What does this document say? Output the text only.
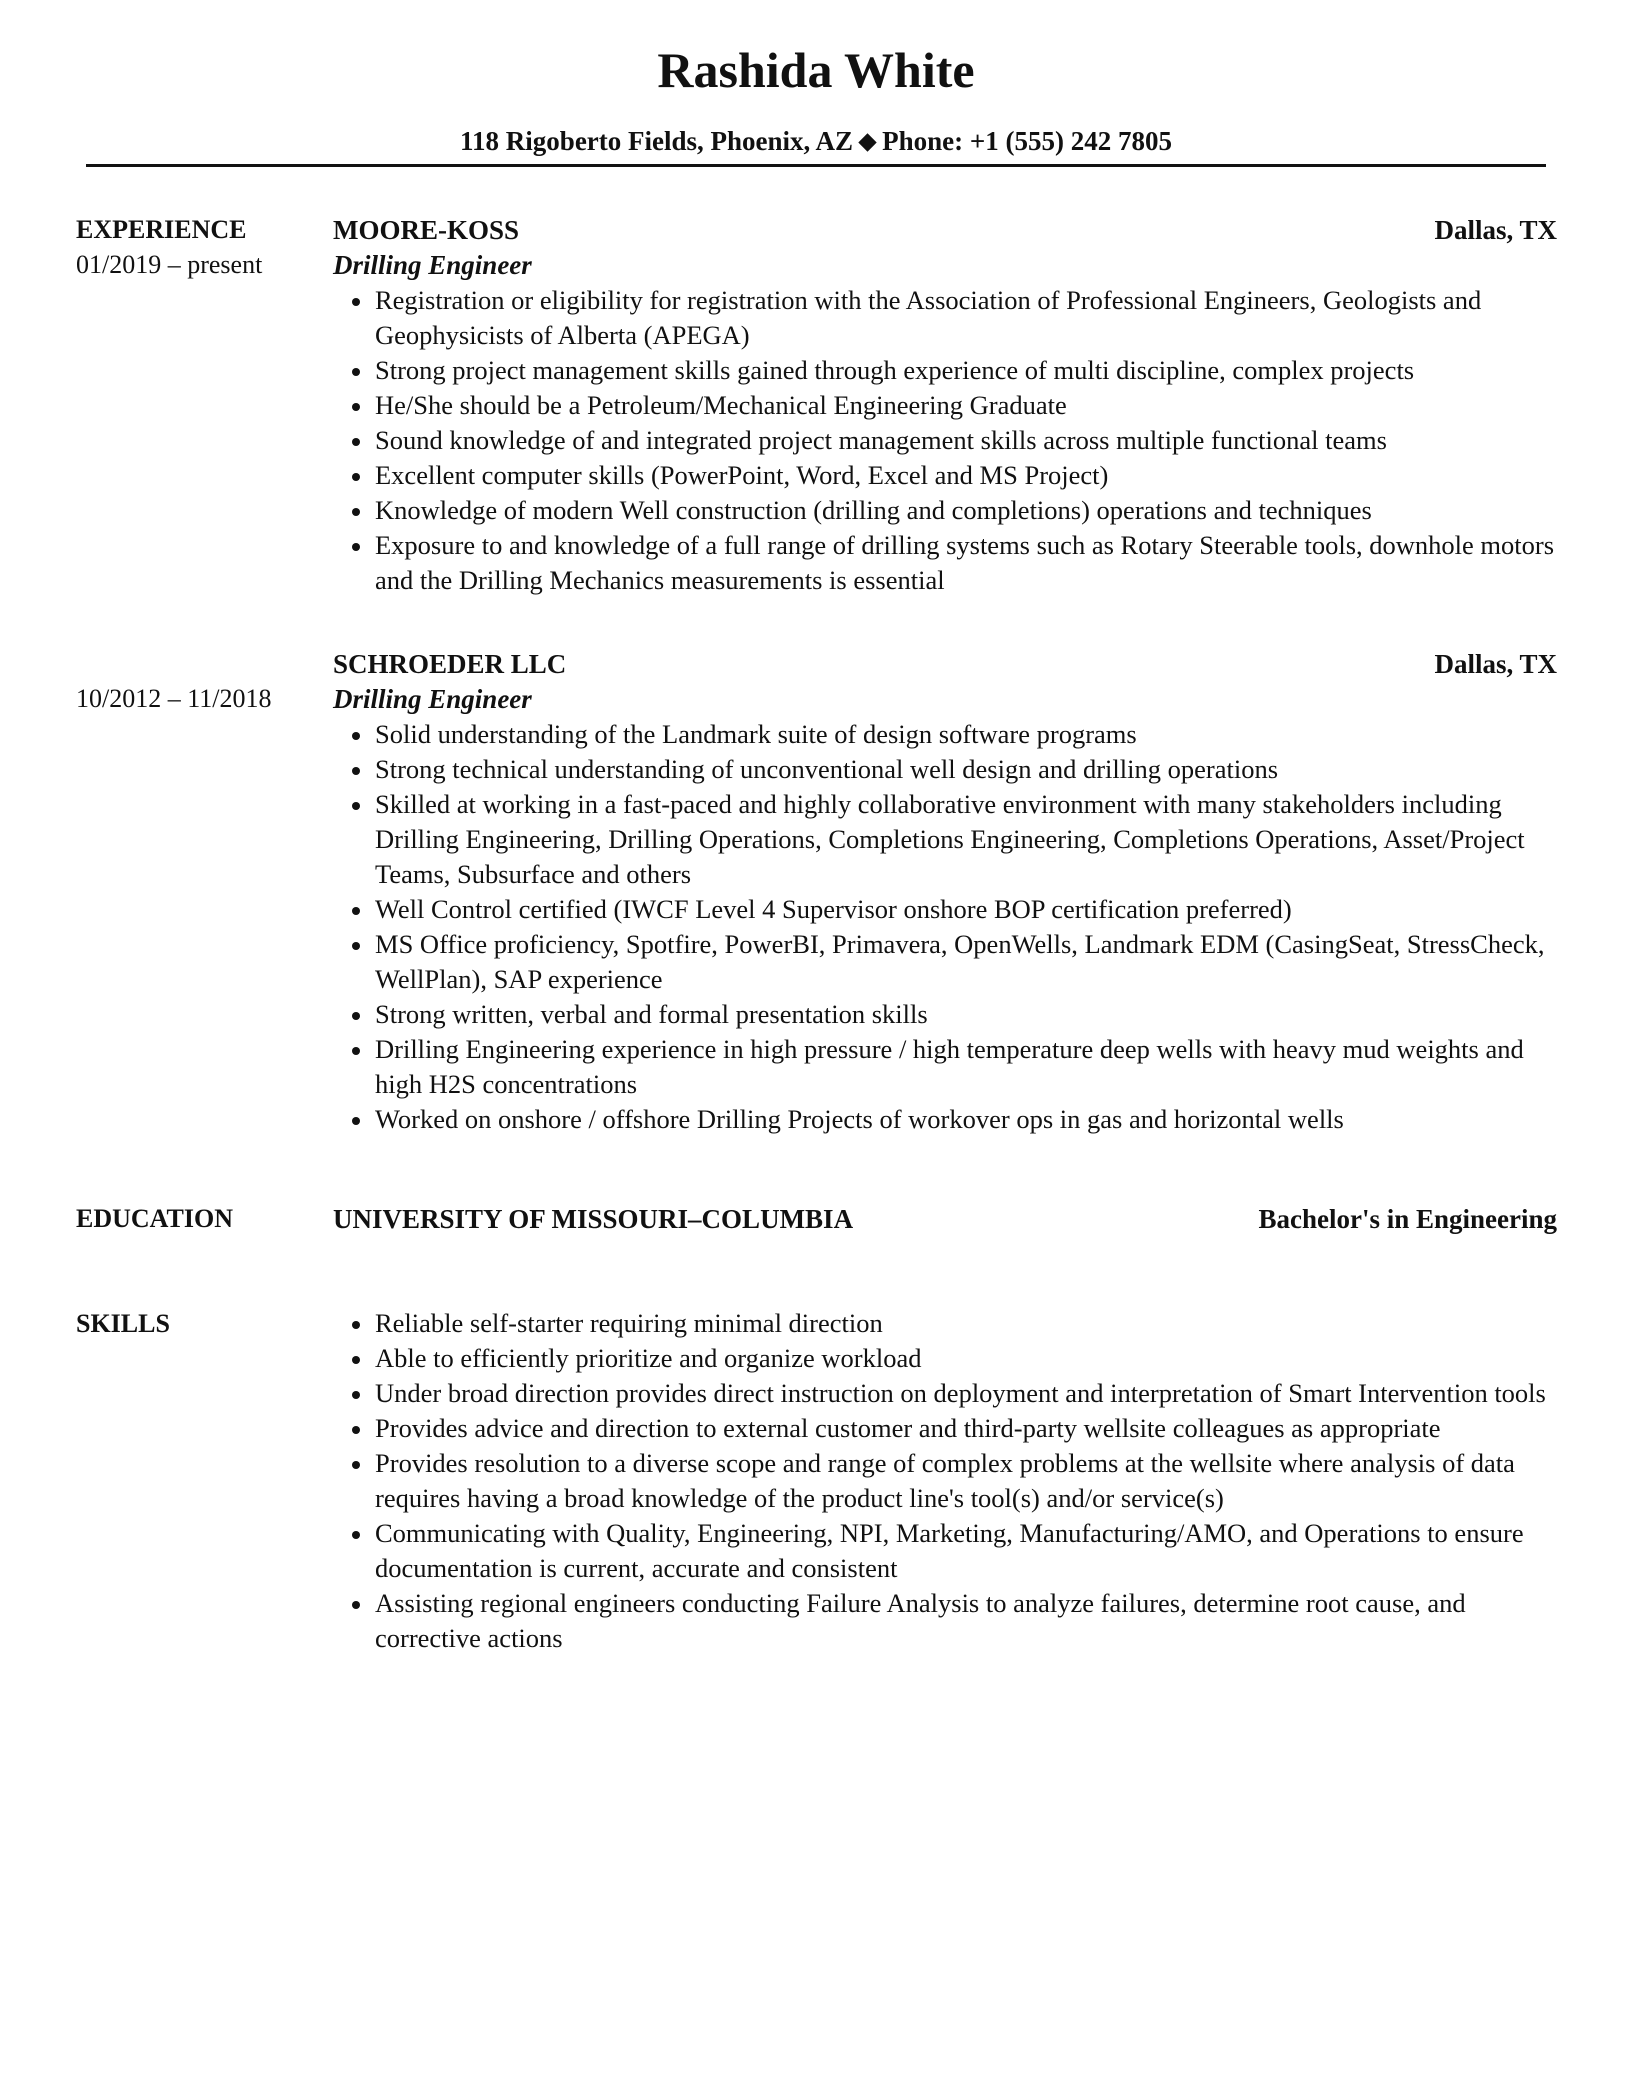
Rashida White
118 Rigoberto Fields, Phoenix, AZ Phone: +1 (555) 242 7805
EXPERIENCE
01/2019 – present
MOORE-KOSS	Dallas, TX
Drilling Engineer
Registration or eligibility for registration with the Association of Professional Engineers, Geologists and Geophysicists of Alberta (APEGA)
Strong project management skills gained through experience of multi discipline, complex projects
He/She should be a Petroleum/Mechanical Engineering Graduate
Sound knowledge of and integrated project management skills across multiple functional teams
Excellent computer skills (PowerPoint, Word, Excel and MS Project)
Knowledge of modern Well construction (drilling and completions) operations and techniques
Exposure to and knowledge of a full range of drilling systems such as Rotary Steerable tools, downhole motors and the Drilling Mechanics measurements is essential
10/2012 – 11/2018
SCHROEDER LLC	Dallas, TX
Drilling Engineer
Solid understanding of the Landmark suite of design software programs
Strong technical understanding of unconventional well design and drilling operations
Skilled at working in a fast-paced and highly collaborative environment with many stakeholders including Drilling Engineering, Drilling Operations, Completions Engineering, Completions Operations, Asset/Project Teams, Subsurface and others
Well Control certified (IWCF Level 4 Supervisor onshore BOP certification preferred)
MS Office proficiency, Spotfire, PowerBI, Primavera, OpenWells, Landmark EDM (CasingSeat, StressCheck, WellPlan), SAP experience
Strong written, verbal and formal presentation skills
Drilling Engineering experience in high pressure / high temperature deep wells with heavy mud weights and high H2S concentrations
Worked on onshore / offshore Drilling Projects of workover ops in gas and horizontal wells
EDUCATION	UNIVERSITY OF MISSOURI–COLUMBIA	Bachelor's in Engineering
SKILLS	Reliable self-starter requiring minimal direction
Able to efficiently prioritize and organize workload
Under broad direction provides direct instruction on deployment and interpretation of Smart Intervention tools
Provides advice and direction to external customer and third-party wellsite colleagues as appropriate
Provides resolution to a diverse scope and range of complex problems at the wellsite where analysis of data requires having a broad knowledge of the product line's tool(s) and/or service(s)
Communicating with Quality, Engineering, NPI, Marketing, Manufacturing/AMO, and Operations to ensure documentation is current, accurate and consistent
Assisting regional engineers conducting Failure Analysis to analyze failures, determine root cause, and corrective actions
